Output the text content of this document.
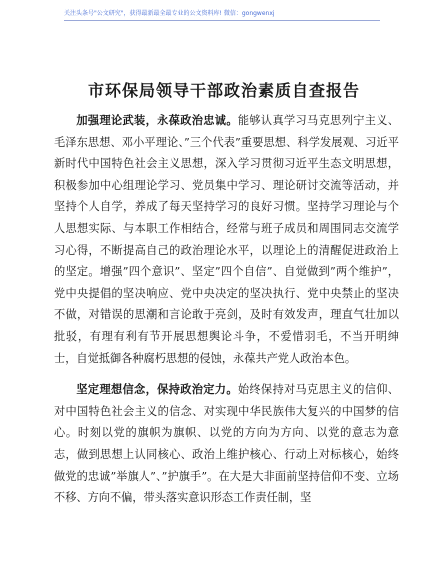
关注头条号"公文研究"，获得最新最全最专业的公文资料库! 微信：gongwenxj
市环保局领导干部政治素质自查报告

加强理论武装，永葆政治忠诚。能够认真学习马克思列宁主义、毛泽东思想、邓小平理论、”三个代表”重要思想、科学发展观、习近平新时代中国特色社会主义思想，深入学习贯彻习近平生态文明思想，积极参加中心组理论学习、党员集中学习、理论研讨交流等活动，并坚持个人自学，养成了每天坚持学习的良好习惯。坚持学习理论与个人思想实际、与本职工作相结合，经常与班子成员和周围同志交流学习心得，不断提高自己的政治理论水平，以理论上的清醒促进政治上的坚定。增强”四个意识”、坚定”四个自信”、自觉做到”两个维护”，党中央提倡的坚决响应、党中央决定的坚决执行、党中央禁止的坚决不做，对错误的思潮和言论敢于亮剑，及时有效发声，理直气壮加以批驳，有理有利有节开展思想舆论斗争，不爱惜羽毛，不当开明绅士，自觉抵御各种腐朽思想的侵蚀，永葆共产党人政治本色。

坚定理想信念，保持政治定力。始终保持对马克思主义的信仰、对中国特色社会主义的信念、对实现中华民族伟大复兴的中国梦的信心。时刻以党的旗帜为旗帜、以党的方向为方向、以党的意志为意志，做到思想上认同核心、政治上维护核心、行动上对标核心，始终做党的忠诚”举旗人”、”护旗手”。在大是大非面前坚持信仰不变、立场不移、方向不偏，带头落实意识形态工作责任制，坚
